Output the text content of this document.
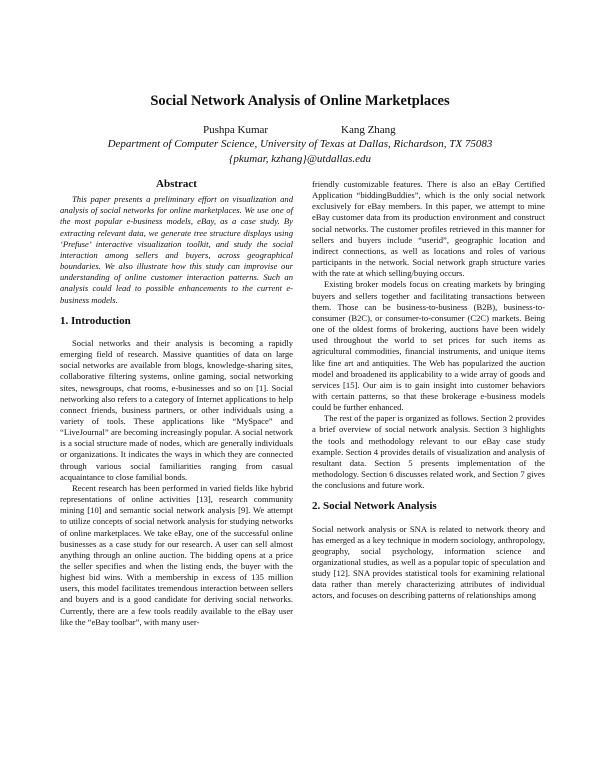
Social Network Analysis of Online Marketplaces
Pushpa Kumar	Kang Zhang
Department of Computer Science, University of Texas at Dallas, Richardson, TX 75083
{pkumar, kzhang}@utdallas.edu
Abstract

This paper presents a preliminary effort on visualization and analysis of social networks for online marketplaces. We use one of the most popular e-business models, eBay, as a case study. By extracting relevant data, we generate tree structure displays using ‘Prefuse’ interactive visualization toolkit, and study the social interaction among sellers and buyers, across geographical boundaries. We also illustrate how this study can improvise our understanding of online customer interaction patterns. Such an analysis could lead to possible enhancements to the current e-business models.

1. Introduction

Social networks and their analysis is becoming a rapidly emerging field of research. Massive quantities of data on large social networks are available from blogs, knowledge-sharing sites, collaborative filtering systems, online gaming, social networking sites, newsgroups, chat rooms, e-businesses and so on [1]. Social networking also refers to a category of Internet applications to help connect friends, business partners, or other individuals using a variety of tools. These applications like “MySpace” and “LiveJournal” are becoming increasingly popular. A social network is a social structure made of nodes, which are generally individuals or organizations. It indicates the ways in which they are connected through various social familiarities ranging from casual acquaintance to close familial bonds.

Recent research has been performed in varied fields like hybrid representations of online activities [13], research community mining [10] and semantic social network analysis [9]. We attempt to utilize concepts of social network analysis for studying networks of online marketplaces. We take eBay, one of the successful online businesses as a case study for our research. A user can sell almost anything through an online auction. The bidding opens at a price the seller specifies and when the listing ends, the buyer with the highest bid wins. With a membership in excess of 135 million users, this model facilitates tremendous interaction between sellers and buyers and is a good candidate for deriving social networks. Currently, there are a few tools readily available to the eBay user like the “eBay toolbar”, with many user-

friendly customizable features. There is also an eBay Certified Application “biddingBuddies”, which is the only social network exclusively for eBay members. In this paper, we attempt to mine eBay customer data from its production environment and construct social networks. The customer profiles retrieved in this manner for sellers and buyers include “userid”, geographic location and indirect connections, as well as locations and roles of various participants in the network. Social network graph structure varies with the rate at which selling/buying occurs.

Existing broker models focus on creating markets by bringing buyers and sellers together and facilitating transactions between them. Those can be business-to-business (B2B), business-to-consumer (B2C), or consumer-to-consumer (C2C) markets. Being one of the oldest forms of brokering, auctions have been widely used throughout the world to set prices for such items as agricultural commodities, financial instruments, and unique items like fine art and antiquities. The Web has popularized the auction model and broadened its applicability to a wide array of goods and services [15]. Our aim is to gain insight into customer behaviors with certain patterns, so that these brokerage e-business models could be further enhanced.

The rest of the paper is organized as follows. Section 2 provides a brief overview of social network analysis. Section 3 highlights the tools and methodology relevant to our eBay case study example. Section 4 provides details of visualization and analysis of resultant data. Section 5 presents implementation of the methodology. Section 6 discusses related work, and Section 7 gives the conclusions and future work.

2. Social Network Analysis

Social network analysis or SNA is related to network theory and has emerged as a key technique in modern sociology, anthropology, geography, social psychology, information science and organizational studies, as well as a popular topic of speculation and study [12]. SNA provides statistical tools for examining relational data rather than merely characterizing attributes of individual actors, and focuses on describing patterns of relationships among
